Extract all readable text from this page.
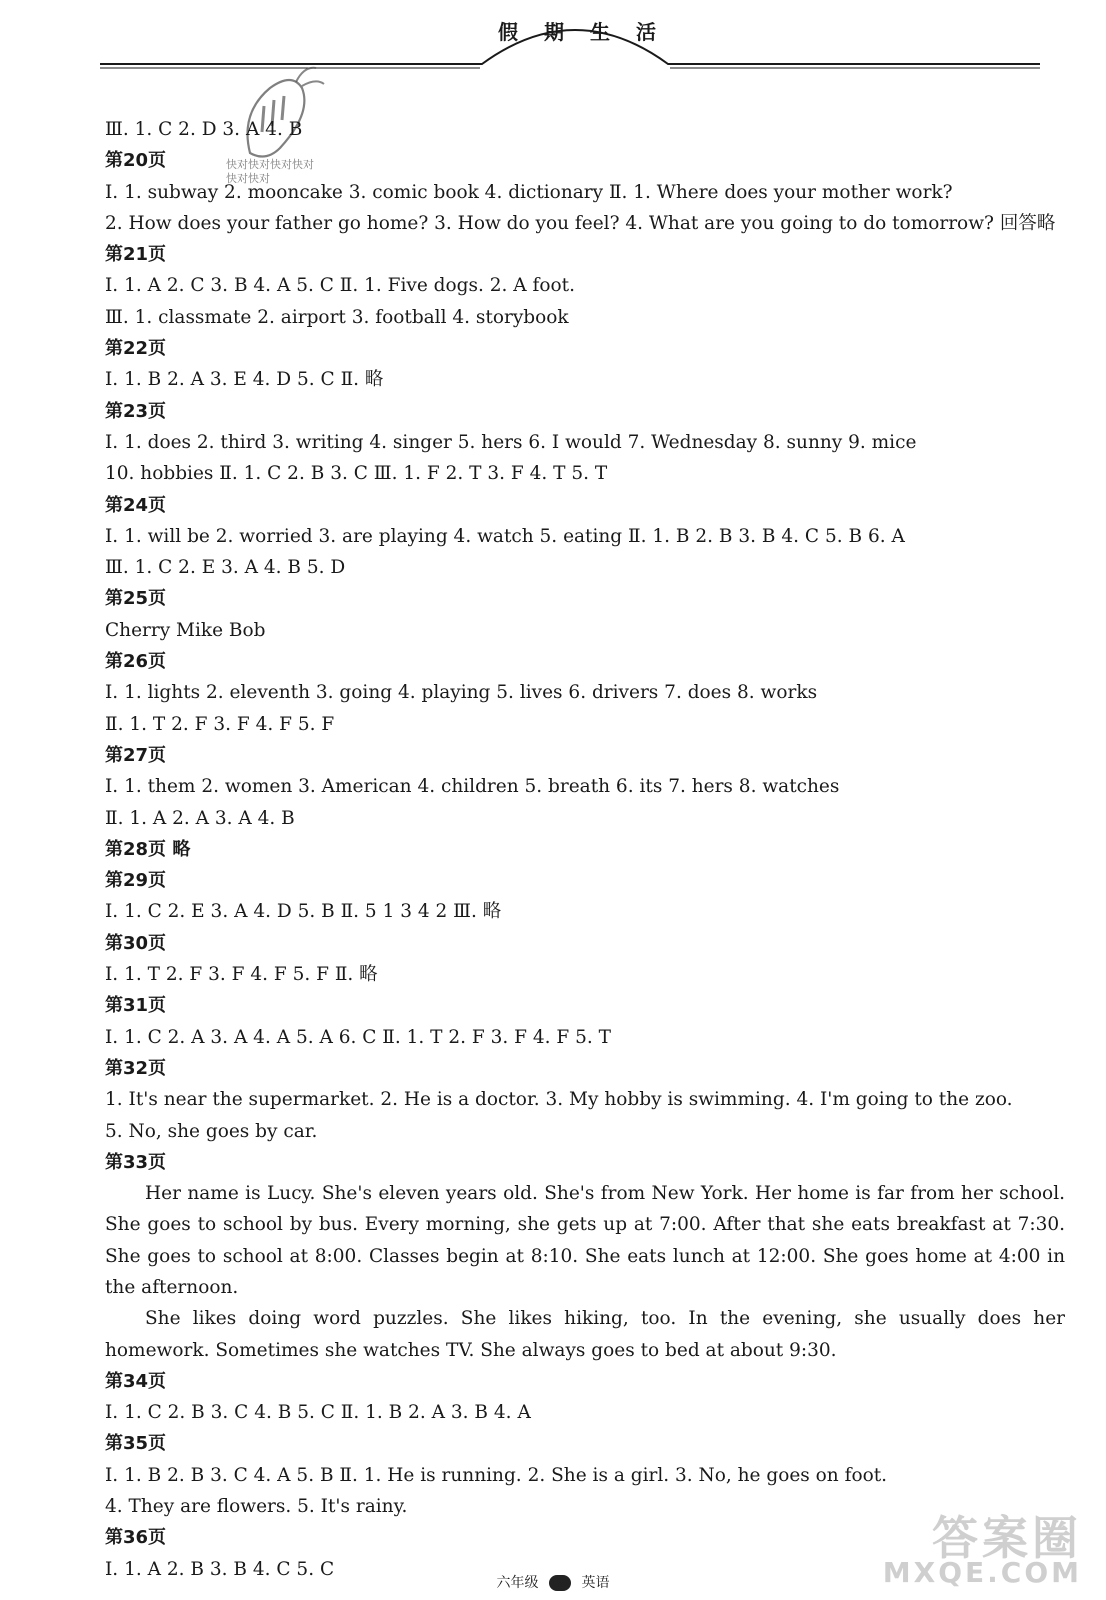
假期生活
快对快对快对快对快对快对
Ⅲ. 1. C 2. D 3. A 4. B
第20页
Ⅰ. 1. subway 2. mooncake 3. comic book 4. dictionary Ⅱ. 1. Where does your mother work?
2. How does your father go home? 3. How do you feel? 4. What are you going to do tomorrow? 回答略
第21页
Ⅰ. 1. A 2. C 3. B 4. A 5. C Ⅱ. 1. Five dogs. 2. A foot.
Ⅲ. 1. classmate 2. airport 3. football 4. storybook
第22页
Ⅰ. 1. B 2. A 3. E 4. D 5. C Ⅱ. 略
第23页
Ⅰ. 1. does 2. third 3. writing 4. singer 5. hers 6. I would 7. Wednesday 8. sunny 9. mice
10. hobbies Ⅱ. 1. C 2. B 3. C Ⅲ. 1. F 2. T 3. F 4. T 5. T
第24页
Ⅰ. 1. will be 2. worried 3. are playing 4. watch 5. eating Ⅱ. 1. B 2. B 3. B 4. C 5. B 6. A
Ⅲ. 1. C 2. E 3. A 4. B 5. D
第25页
Cherry Mike Bob
第26页
Ⅰ. 1. lights 2. eleventh 3. going 4. playing 5. lives 6. drivers 7. does 8. works
Ⅱ. 1. T 2. F 3. F 4. F 5. F
第27页
Ⅰ. 1. them 2. women 3. American 4. children 5. breath 6. its 7. hers 8. watches
Ⅱ. 1. A 2. A 3. A 4. B
第28页 略
第29页
Ⅰ. 1. C 2. E 3. A 4. D 5. B Ⅱ. 5 1 3 4 2 Ⅲ. 略
第30页
Ⅰ. 1. T 2. F 3. F 4. F 5. F Ⅱ. 略
第31页
Ⅰ. 1. C 2. A 3. A 4. A 5. A 6. C Ⅱ. 1. T 2. F 3. F 4. F 5. T
第32页
1. It's near the supermarket. 2. He is a doctor. 3. My hobby is swimming. 4. I'm going to the zoo.
5. No, she goes by car.
第33页
Her name is Lucy. She's eleven years old. She's from New York. Her home is far from her school. She goes to school by bus. Every morning, she gets up at 7:00. After that she eats breakfast at 7:30. She goes to school at 8:00. Classes begin at 8:10. She eats lunch at 12:00. She goes home at 4:00 in the afternoon.
She likes doing word puzzles. She likes hiking, too. In the evening, she usually does her homework. Sometimes she watches TV. She always goes to bed at about 9:30.
第34页
Ⅰ. 1. C 2. B 3. C 4. B 5. C Ⅱ. 1. B 2. A 3. B 4. A
第35页
Ⅰ. 1. B 2. B 3. C 4. A 5. B Ⅱ. 1. He is running. 2. She is a girl. 3. No, he goes on foot.
4. They are flowers. 5. It's rainy.
第36页
Ⅰ. 1. A 2. B 3. B 4. C 5. C
答案圈
MXQE.COM
六年级	英语
